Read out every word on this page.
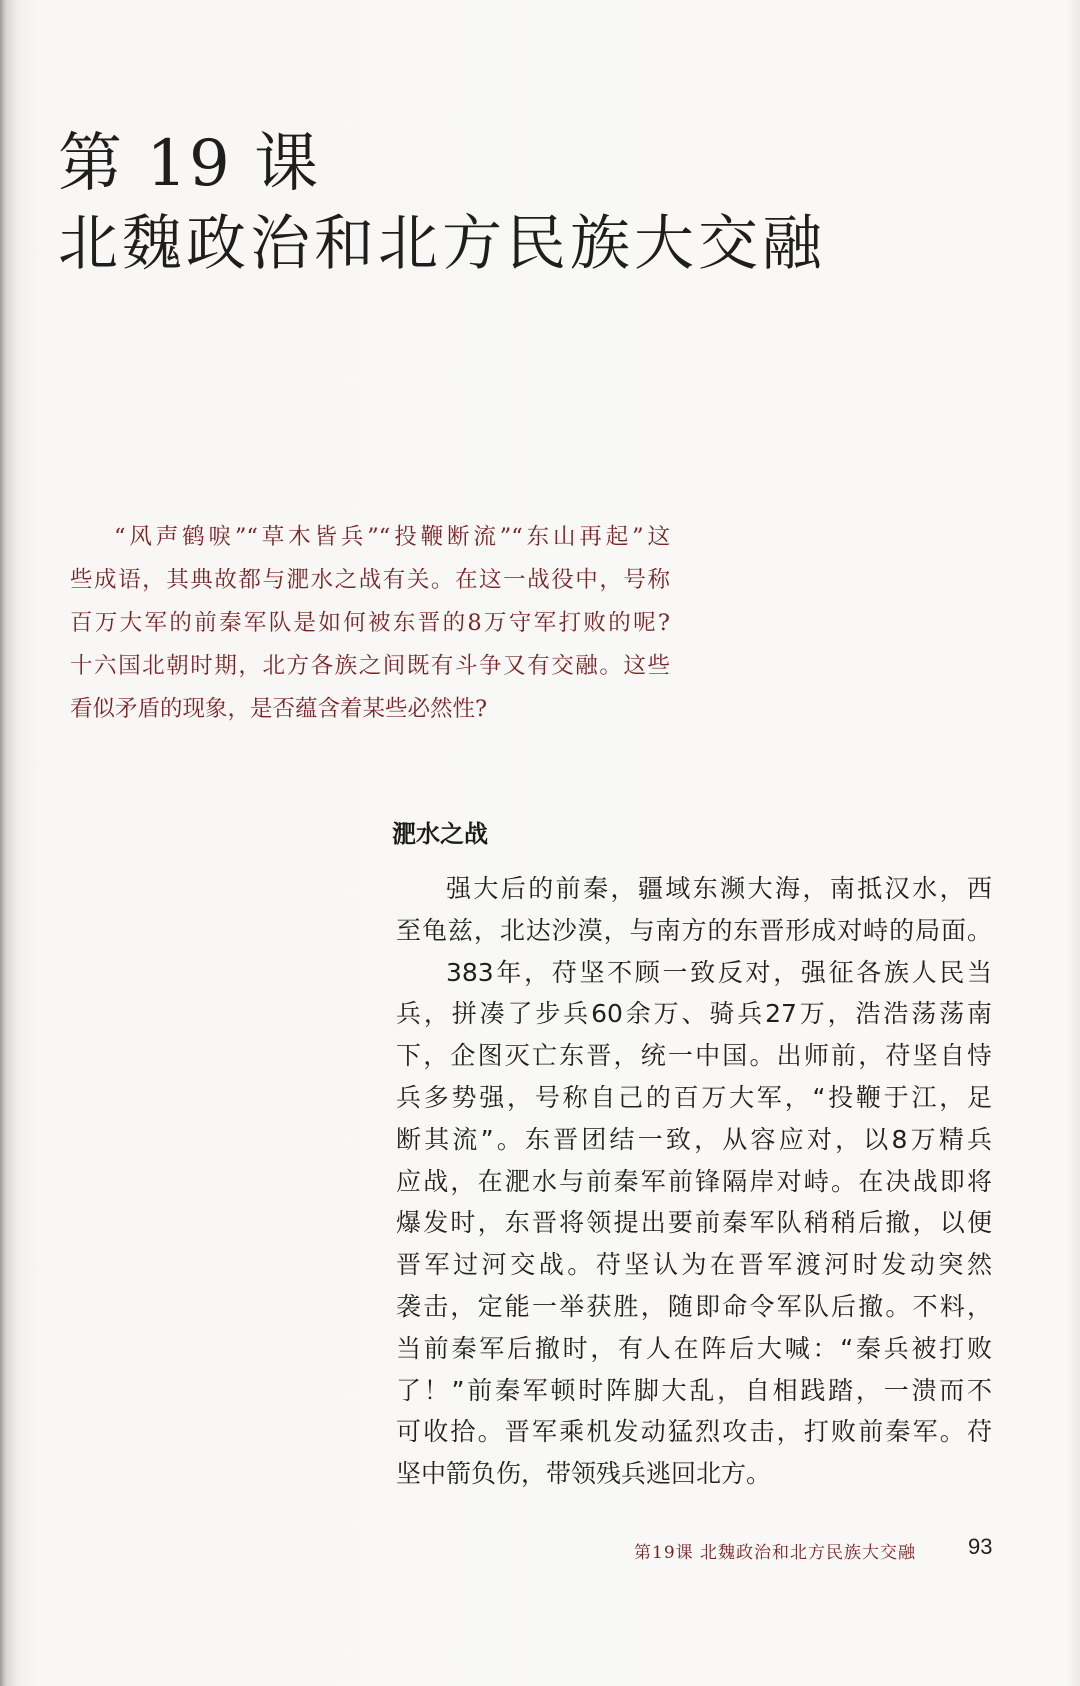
第 19 课
北魏政治和北方民族大交融
“风声鹤唳”“草木皆兵”“投鞭断流”“东山再起”这
些成语，其典故都与淝水之战有关。在这一战役中，号称
百万大军的前秦军队是如何被东晋的8万守军打败的呢?
十六国北朝时期，北方各族之间既有斗争又有交融。这些
看似矛盾的现象，是否蕴含着某些必然性?
淝水之战
强大后的前秦，疆域东濒大海，南抵汉水，西
至龟兹，北达沙漠，与南方的东晋形成对峙的局面。
383年，苻坚不顾一致反对，强征各族人民当
兵，拼凑了步兵60余万、骑兵27万，浩浩荡荡南
下，企图灭亡东晋，统一中国。出师前，苻坚自恃
兵多势强，号称自己的百万大军，“投鞭于江，足
断其流”。东晋团结一致，从容应对，以8万精兵
应战，在淝水与前秦军前锋隔岸对峙。在决战即将
爆发时，东晋将领提出要前秦军队稍稍后撤，以便
晋军过河交战。苻坚认为在晋军渡河时发动突然
袭击，定能一举获胜，随即命令军队后撤。不料，
当前秦军后撤时，有人在阵后大喊：“秦兵被打败
了！”前秦军顿时阵脚大乱，自相践踏，一溃而不
可收拾。晋军乘机发动猛烈攻击，打败前秦军。苻
坚中箭负伤，带领残兵逃回北方。
第19课 北魏政治和北方民族大交融 93
